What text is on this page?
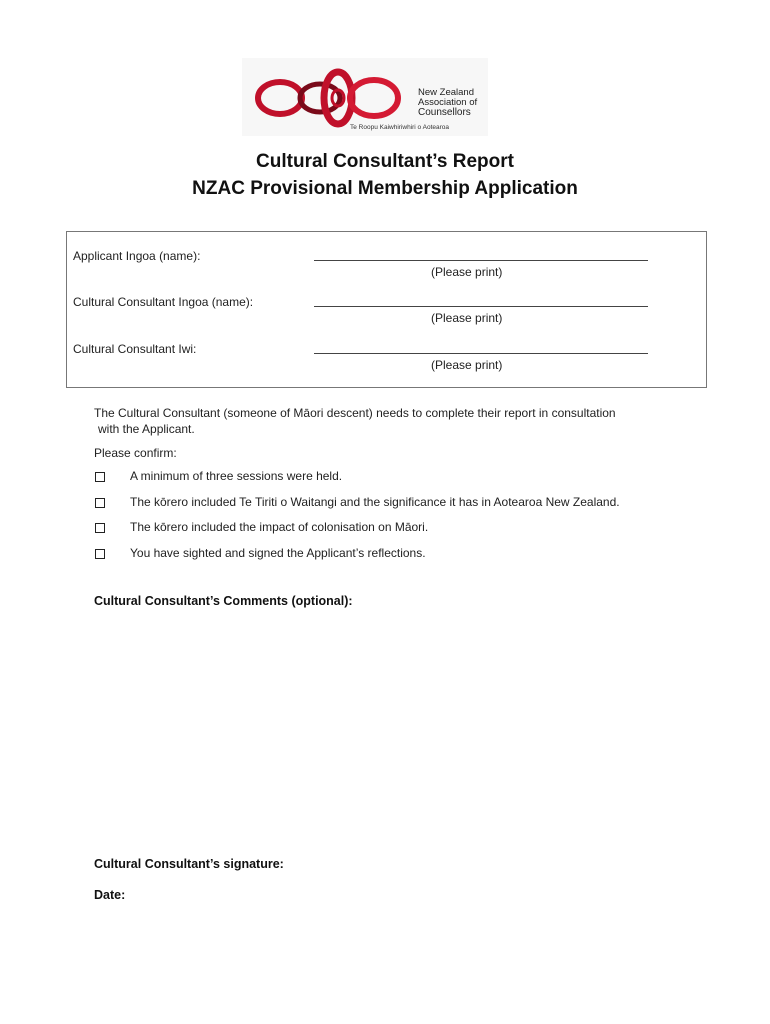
New Zealand
Association of
Counsellors
Te Roopu Kaiwhiriwhiri o Aotearoa
Cultural Consultant’s Report
NZAC Provisional Membership Application
Applicant Ingoa (name):
(Please print)
Cultural Consultant Ingoa (name):
(Please print)
Cultural Consultant Iwi:
(Please print)
The Cultural Consultant (someone of Māori descent) needs to complete their report in consultation
with the Applicant.
Please confirm:
A minimum of three sessions were held.
The kōrero included Te Tiriti o Waitangi and the significance it has in Aotearoa New Zealand.
The kōrero included the impact of colonisation on Māori.
You have sighted and signed the Applicant’s reflections.
Cultural Consultant’s Comments (optional):
Cultural Consultant’s signature:
Date:
